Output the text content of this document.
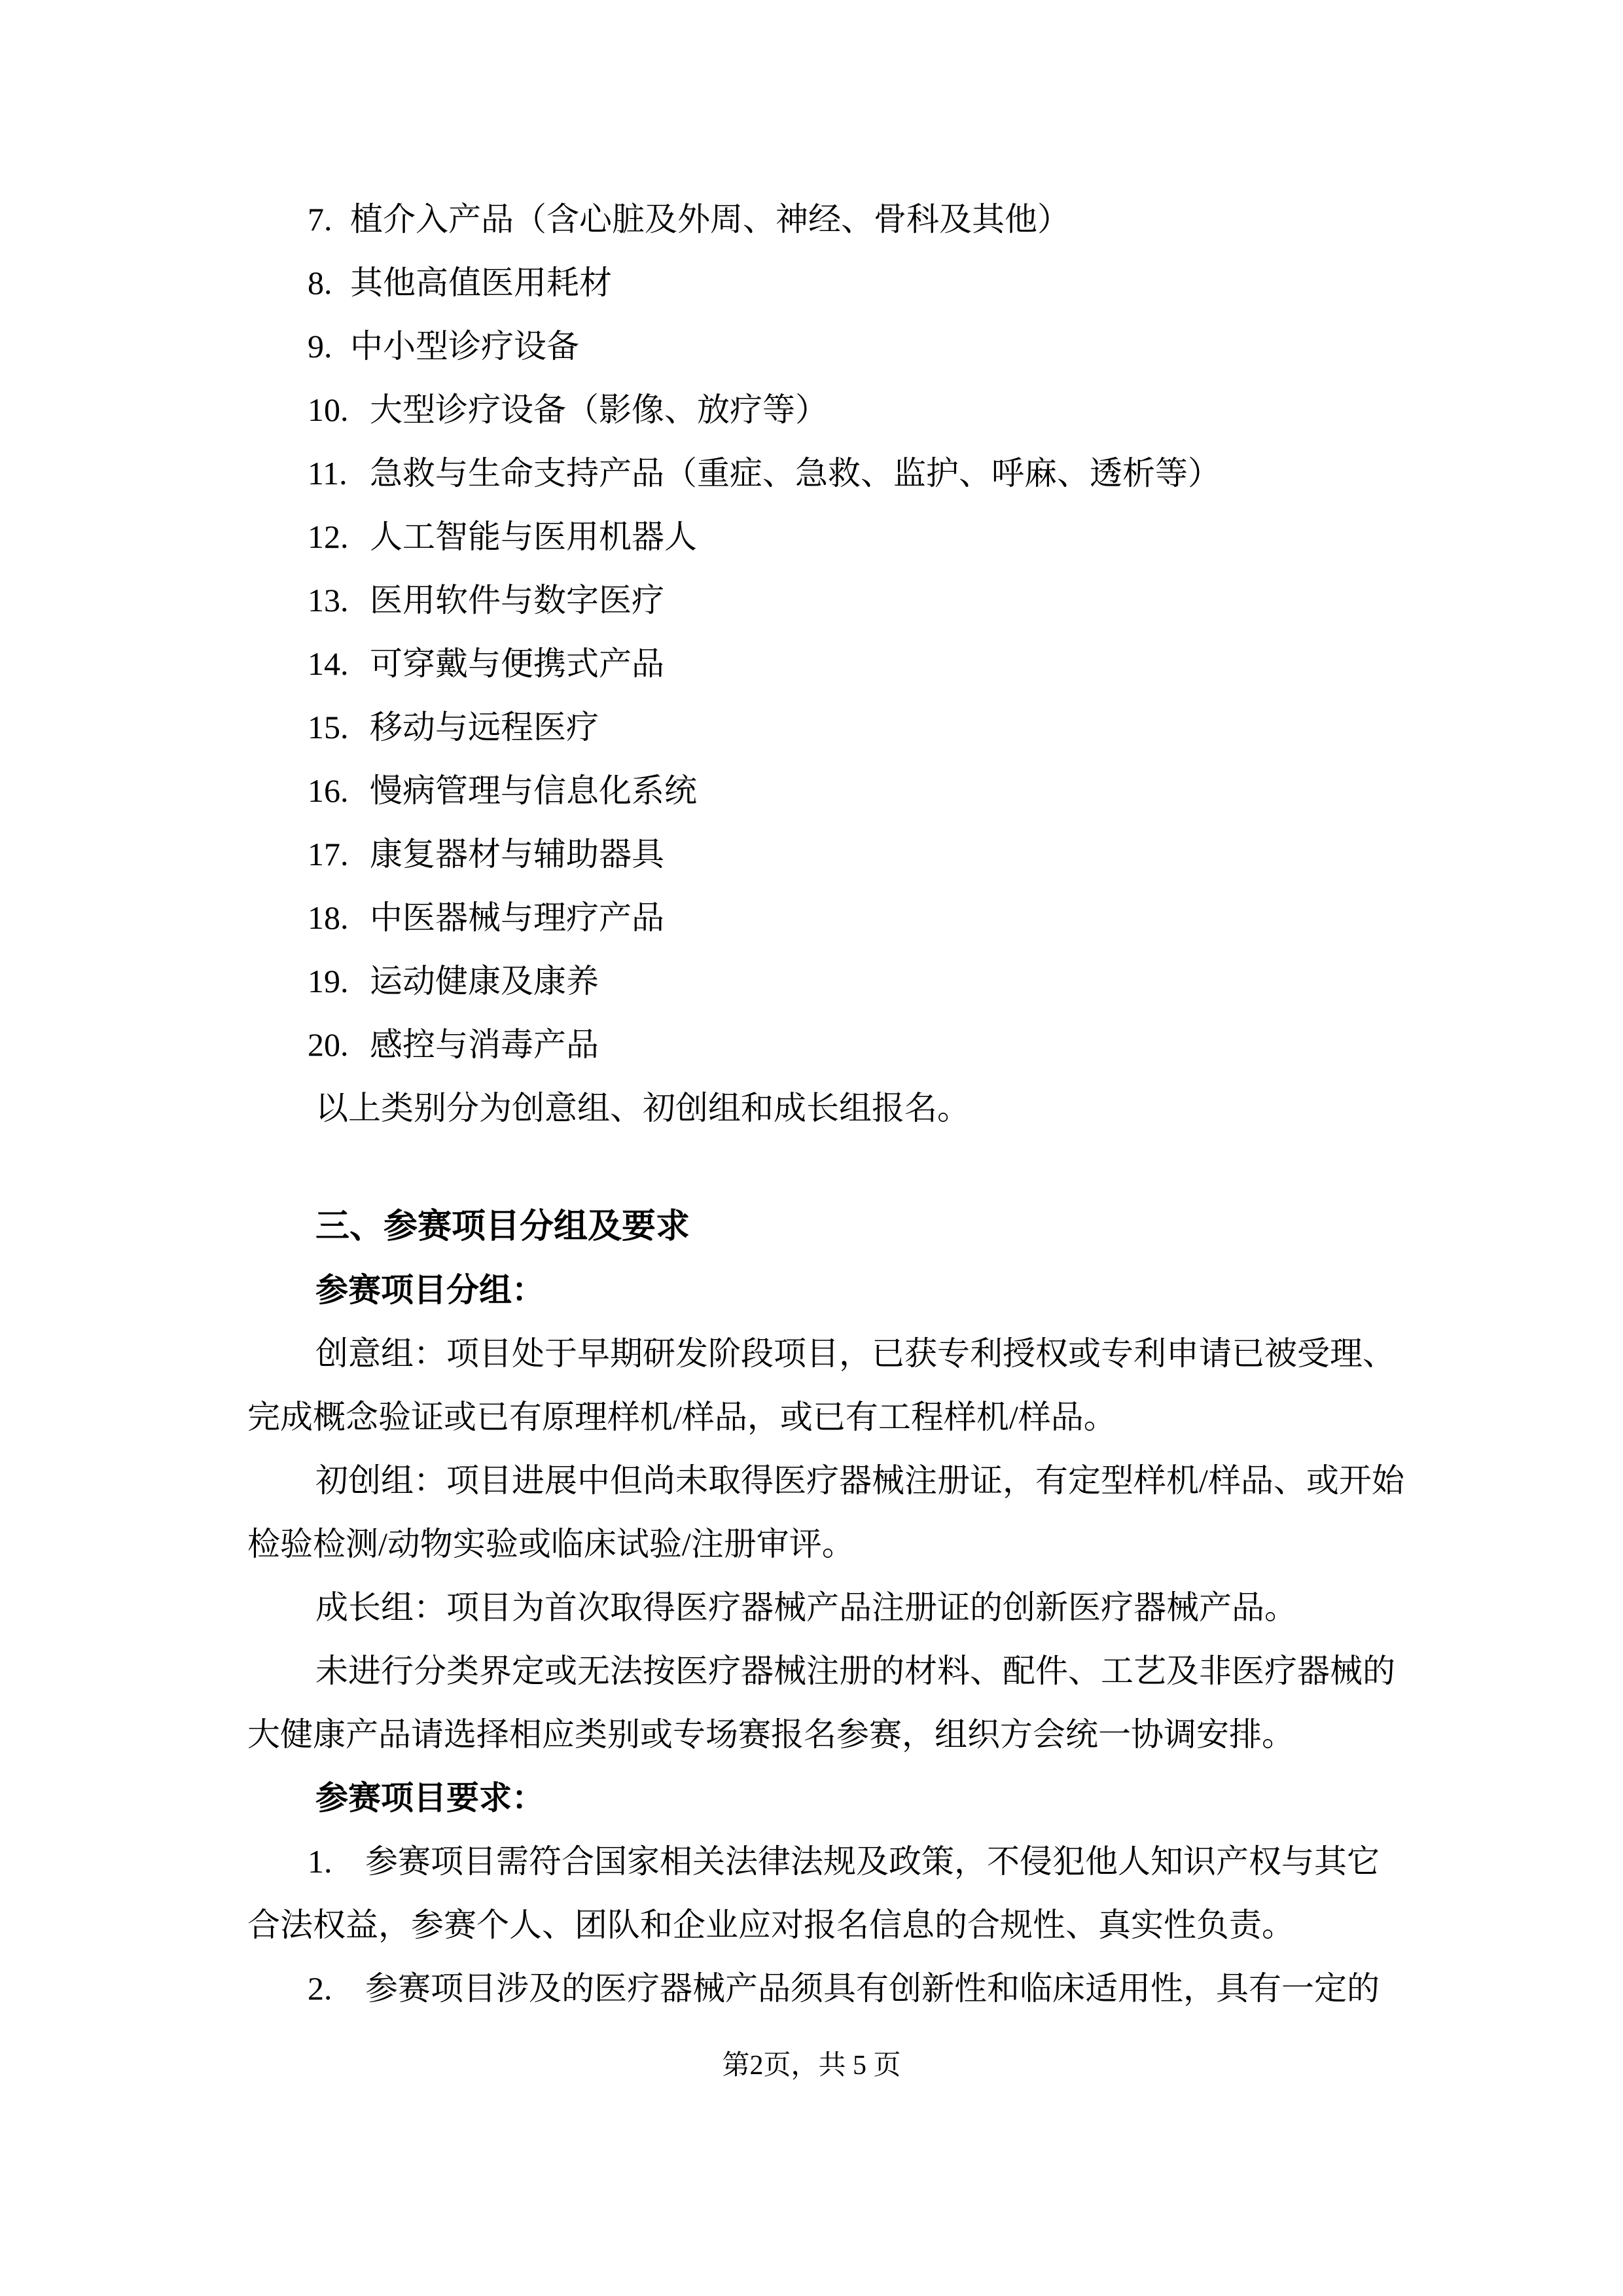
7. 植介入产品（含心脏及外周、神经、骨科及其他）
8. 其他高值医用耗材
9. 中小型诊疗设备
10. 大型诊疗设备（影像、放疗等）
11. 急救与生命支持产品（重症、急救、监护、呼麻、透析等）
12. 人工智能与医用机器人
13. 医用软件与数字医疗
14. 可穿戴与便携式产品
15. 移动与远程医疗
16. 慢病管理与信息化系统
17. 康复器材与辅助器具
18. 中医器械与理疗产品
19. 运动健康及康养
20. 感控与消毒产品
以上类别分为创意组、初创组和成长组报名。
三、参赛项目分组及要求
参赛项目分组：
创意组：项目处于早期研发阶段项目，已获专利授权或专利申请已被受理、
完成概念验证或已有原理样机/样品，或已有工程样机/样品。
初创组：项目进展中但尚未取得医疗器械注册证，有定型样机/样品、或开始
检验检测/动物实验或临床试验/注册审评。
成长组：项目为首次取得医疗器械产品注册证的创新医疗器械产品。
未进行分类界定或无法按医疗器械注册的材料、配件、工艺及非医疗器械的
大健康产品请选择相应类别或专场赛报名参赛，组织方会统一协调安排。
参赛项目要求：
1. 参赛项目需符合国家相关法律法规及政策，不侵犯他人知识产权与其它
合法权益，参赛个人、团队和企业应对报名信息的合规性、真实性负责。
2. 参赛项目涉及的医疗器械产品须具有创新性和临床适用性，具有一定的
第2页，共 5 页
